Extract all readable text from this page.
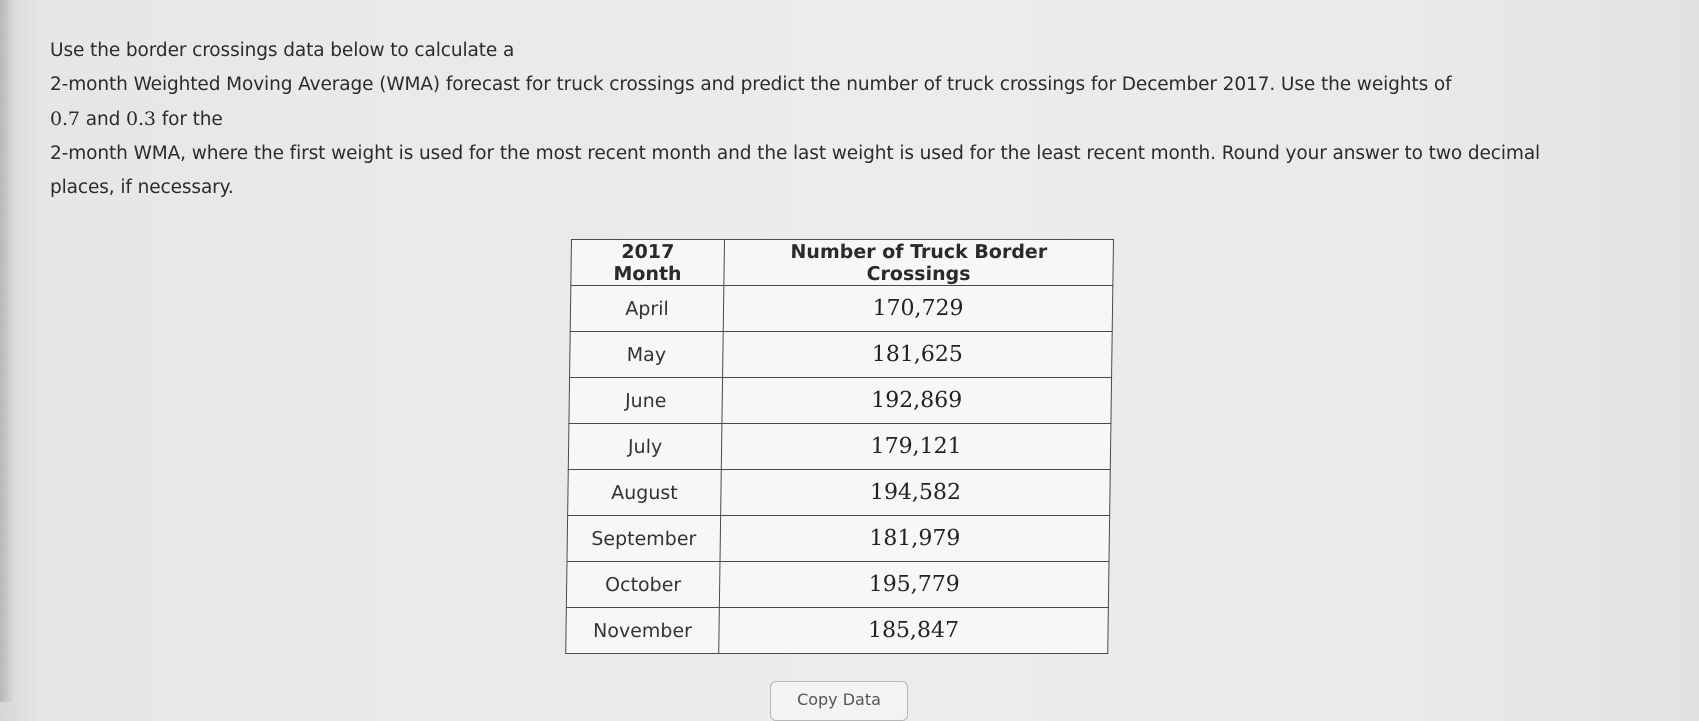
Use the border crossings data below to calculate a
2-month Weighted Moving Average (WMA) forecast for truck crossings and predict the number of truck crossings for December 2017. Use the weights of
0.7 and 0.3 for the
2-month WMA, where the first weight is used for the most recent month and the last weight is used for the least recent month. Round your answer to two decimal
places, if necessary.
2017 Month	Number of Truck Border Crossings
April	170,729
May	181,625
June	192,869
July	179,121
August	194,582
September	181,979
October	195,779
November	185,847
Copy Data
